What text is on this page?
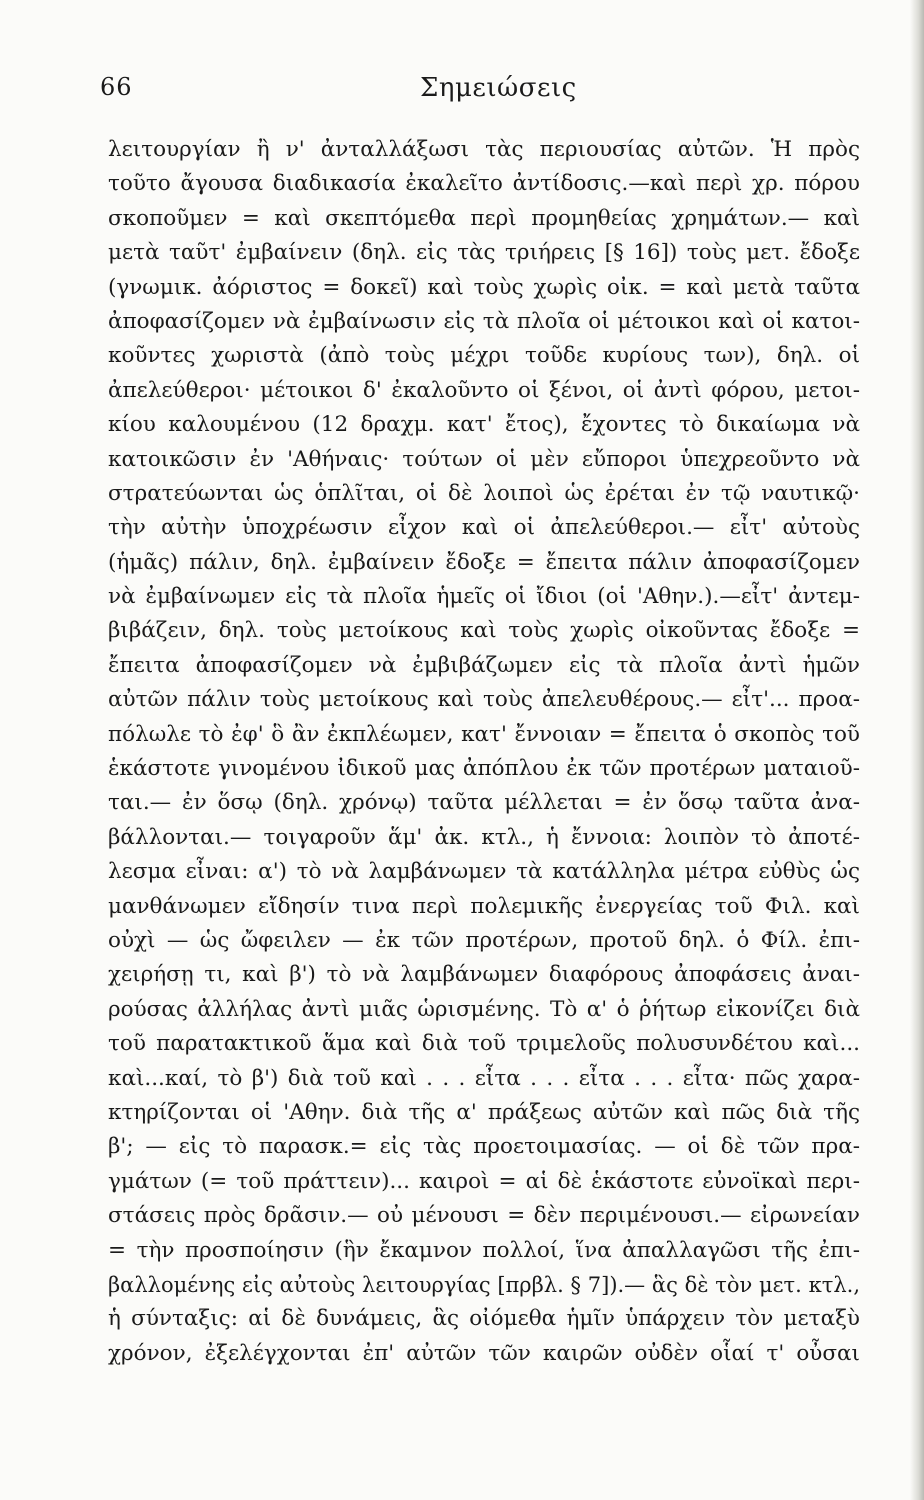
66	Σημειώσεις
λειτουργίαν ἢ ν' ἀνταλλάξωσι τὰς περιουσίας αὐτῶν. Ἡ πρὸς
τοῦτο ἄγουσα διαδικασία ἐκαλεῖτο ἀντίδοσις.—καὶ περὶ χρ. πόρου
σκοποῦμεν = καὶ σκεπτόμεθα περὶ προμηθείας χρημάτων.— καὶ
μετὰ ταῦτ' ἐμβαίνειν (δηλ. εἰς τὰς τριήρεις [§ 16]) τοὺς μετ. ἔδοξε
(γνωμικ. ἀόριστος = δοκεῖ) καὶ τοὺς χωρὶς οἰκ. = καὶ μετὰ ταῦτα
ἀποφασίζομεν νὰ ἐμβαίνωσιν εἰς τὰ πλοῖα οἱ μέτοικοι καὶ οἱ κατοι-
κοῦντες χωριστὰ (ἀπὸ τοὺς μέχρι τοῦδε κυρίους των), δηλ. οἱ
ἀπελεύθεροι· μέτοικοι δ' ἐκαλοῦντο οἱ ξένοι, οἱ ἀντὶ φόρου, μετοι-
κίου καλουμένου (12 δραχμ. κατ' ἔτος), ἔχοντες τὸ δικαίωμα νὰ
κατοικῶσιν ἐν 'Αθήναις· τούτων οἱ μὲν εὔποροι ὑπεχρεοῦντο νὰ
στρατεύωνται ὡς ὁπλῖται, οἱ δὲ λοιποὶ ὡς ἐρέται ἐν τῷ ναυτικῷ·
τὴν αὐτὴν ὑποχρέωσιν εἶχον καὶ οἱ ἀπελεύθεροι.— εἶτ' αὐτοὺς
(ἡμᾶς) πάλιν, δηλ. ἐμβαίνειν ἔδοξε = ἔπειτα πάλιν ἀποφασίζομεν
νὰ ἐμβαίνωμεν εἰς τὰ πλοῖα ἡμεῖς οἱ ἴδιοι (οἱ 'Αθην.).—εἶτ' ἀντεμ-
βιβάζειν, δηλ. τοὺς μετοίκους καὶ τοὺς χωρὶς οἰκοῦντας ἔδοξε =
ἔπειτα ἀποφασίζομεν νὰ ἐμβιβάζωμεν εἰς τὰ πλοῖα ἀντὶ ἡμῶν
αὐτῶν πάλιν τοὺς μετοίκους καὶ τοὺς ἀπελευθέρους.— εἶτ'... προα-
πόλωλε τὸ ἐφ' ὃ ἂν ἐκπλέωμεν, κατ' ἔννοιαν = ἔπειτα ὁ σκοπὸς τοῦ
ἑκάστοτε γινομένου ἰδικοῦ μας ἀπόπλου ἐκ τῶν προτέρων ματαιοῦ-
ται.— ἐν ὅσῳ (δηλ. χρόνῳ) ταῦτα μέλλεται = ἐν ὅσῳ ταῦτα ἀνα-
βάλλονται.— τοιγαροῦν ἅμ' ἀκ. κτλ., ἡ ἔννοια: λοιπὸν τὸ ἀποτέ-
λεσμα εἶναι: α') τὸ νὰ λαμβάνωμεν τὰ κατάλληλα μέτρα εὐθὺς ὡς
μανθάνωμεν εἴδησίν τινα περὶ πολεμικῆς ἐνεργείας τοῦ Φιλ. καὶ
οὐχὶ — ὡς ὤφειλεν — ἐκ τῶν προτέρων, προτοῦ δηλ. ὁ Φίλ. ἐπι-
χειρήσῃ τι, καὶ β') τὸ νὰ λαμβάνωμεν διαφόρους ἀποφάσεις ἀναι-
ρούσας ἀλλήλας ἀντὶ μιᾶς ὡρισμένης. Τὸ α' ὁ ῥήτωρ εἰκονίζει διὰ
τοῦ παρατακτικοῦ ἅμα καὶ διὰ τοῦ τριμελοῦς πολυσυνδέτου καὶ...
καὶ...καί, τὸ β') διὰ τοῦ καὶ . . . εἶτα . . . εἶτα . . . εἶτα· πῶς χαρα-
κτηρίζονται οἱ 'Αθην. διὰ τῆς α' πράξεως αὐτῶν καὶ πῶς διὰ τῆς
β'; — εἰς τὸ παρασκ.= εἰς τὰς προετοιμασίας. — οἱ δὲ τῶν πρα-
γμάτων (= τοῦ πράττειν)... καιροὶ = αἱ δὲ ἑκάστοτε εὐνοϊκαὶ περι-
στάσεις πρὸς δρᾶσιν.— οὐ μένουσι = δὲν περιμένουσι.— εἰρωνείαν
= τὴν προσποίησιν (ἣν ἔκαμνον πολλοί, ἵνα ἀπαλλαγῶσι τῆς ἐπι-
βαλλομένης εἰς αὐτοὺς λειτουργίας [πρβλ. § 7]).— ἃς δὲ τὸν μετ. κτλ.,
ἡ σύνταξις: αἱ δὲ δυνάμεις, ἃς οἰόμεθα ἡμῖν ὑπάρχειν τὸν μεταξὺ
χρόνον, ἐξελέγχονται ἐπ' αὐτῶν τῶν καιρῶν οὐδὲν οἷαί τ' οὖσαι
